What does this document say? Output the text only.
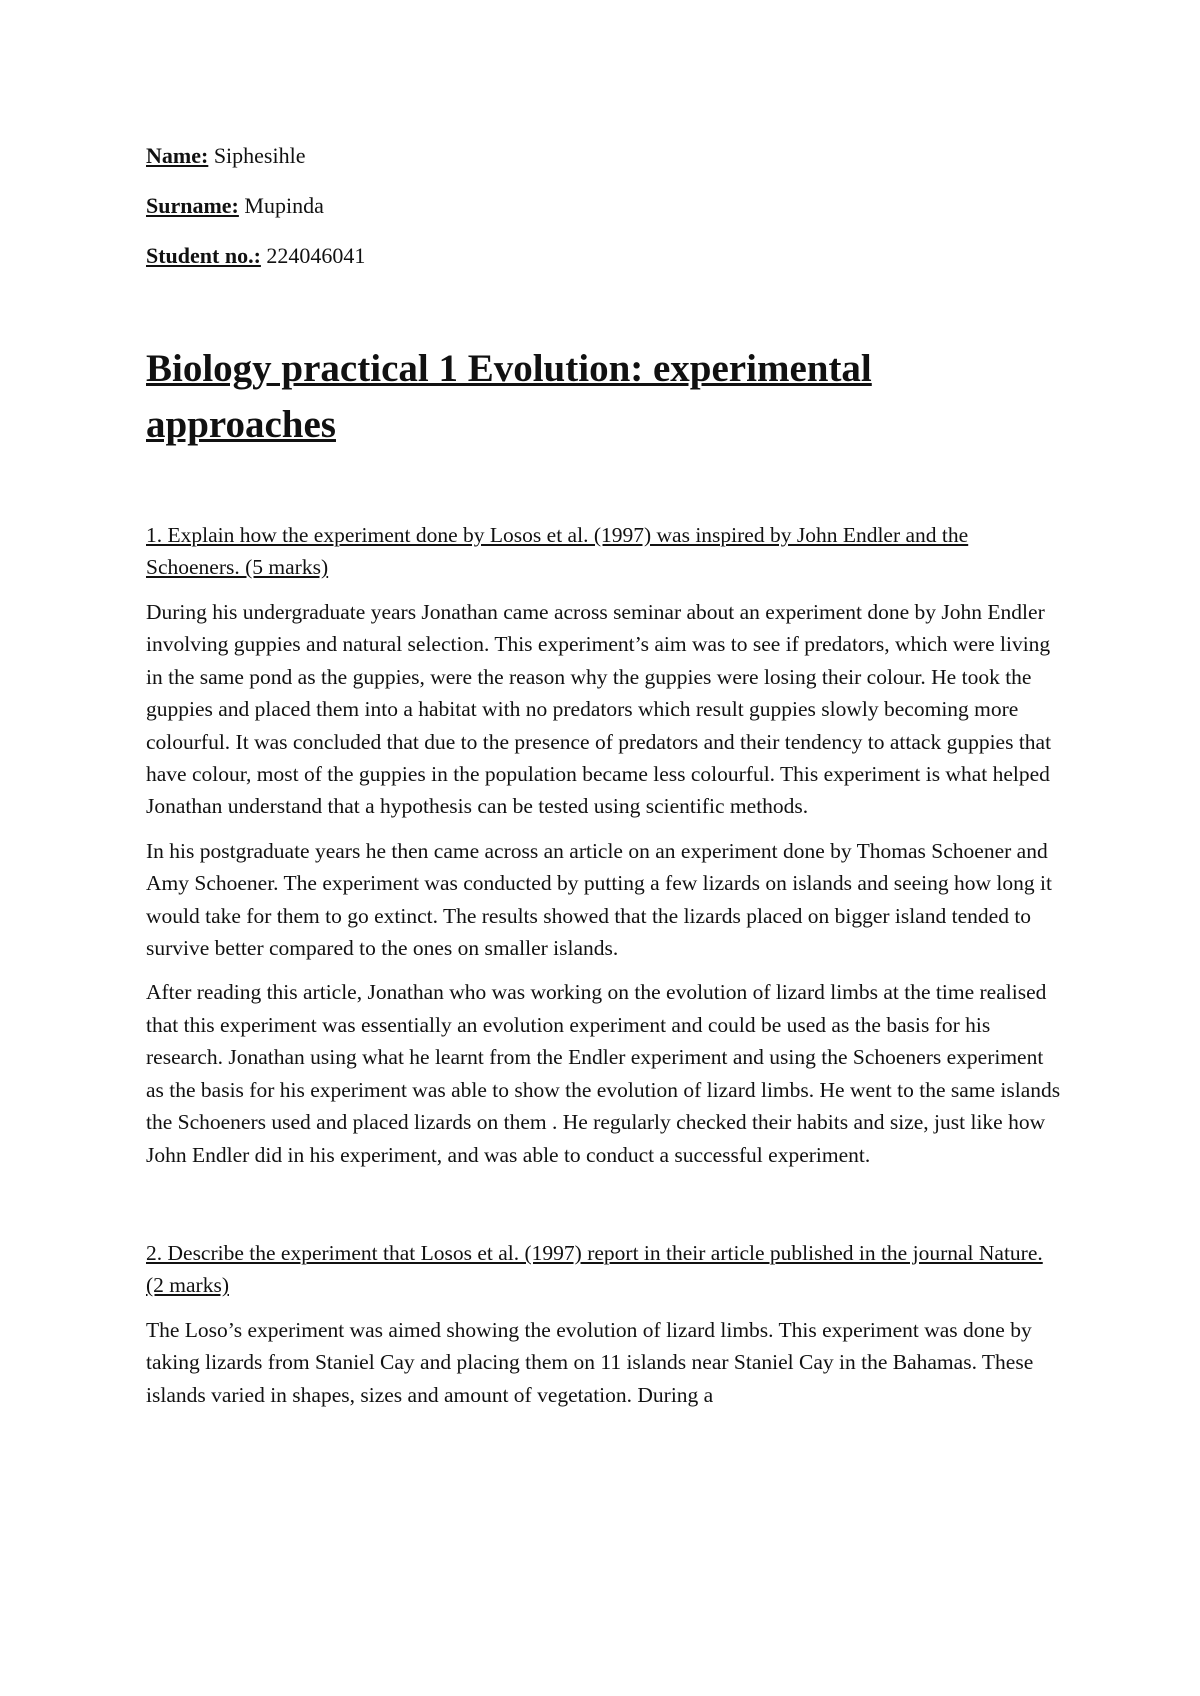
Name: Siphesihle
Surname: Mupinda
Student no.: 224046041
Biology practical 1 Evolution: experimental approaches
1. Explain how the experiment done by Losos et al. (1997) was inspired by John Endler and the Schoeners. (5 marks)

During his undergraduate years Jonathan came across seminar about an experiment done by John Endler involving guppies and natural selection. This experiment’s aim was to see if predators, which were living in the same pond as the guppies, were the reason why the guppies were losing their colour. He took the guppies and placed them into a habitat with no predators which result guppies slowly becoming more colourful. It was concluded that due to the presence of predators and their tendency to attack guppies that have colour, most of the guppies in the population became less colourful. This experiment is what helped Jonathan understand that a hypothesis can be tested using scientific methods.

In his postgraduate years he then came across an article on an experiment done by Thomas Schoener and Amy Schoener. The experiment was conducted by putting a few lizards on islands and seeing how long it would take for them to go extinct. The results showed that the lizards placed on bigger island tended to survive better compared to the ones on smaller islands.

After reading this article, Jonathan who was working on the evolution of lizard limbs at the time realised that this experiment was essentially an evolution experiment and could be used as the basis for his research. Jonathan using what he learnt from the Endler experiment and using the Schoeners experiment as the basis for his experiment was able to show the evolution of lizard limbs. He went to the same islands the Schoeners used and placed lizards on them . He regularly checked their habits and size, just like how John Endler did in his experiment, and was able to conduct a successful experiment.

2. Describe the experiment that Losos et al. (1997) report in their article published in the journal Nature. (2 marks)

The Loso’s experiment was aimed showing the evolution of lizard limbs. This experiment was done by taking lizards from Staniel Cay and placing them on 11 islands near Staniel Cay in the Bahamas. These islands varied in shapes, sizes and amount of vegetation. During a
